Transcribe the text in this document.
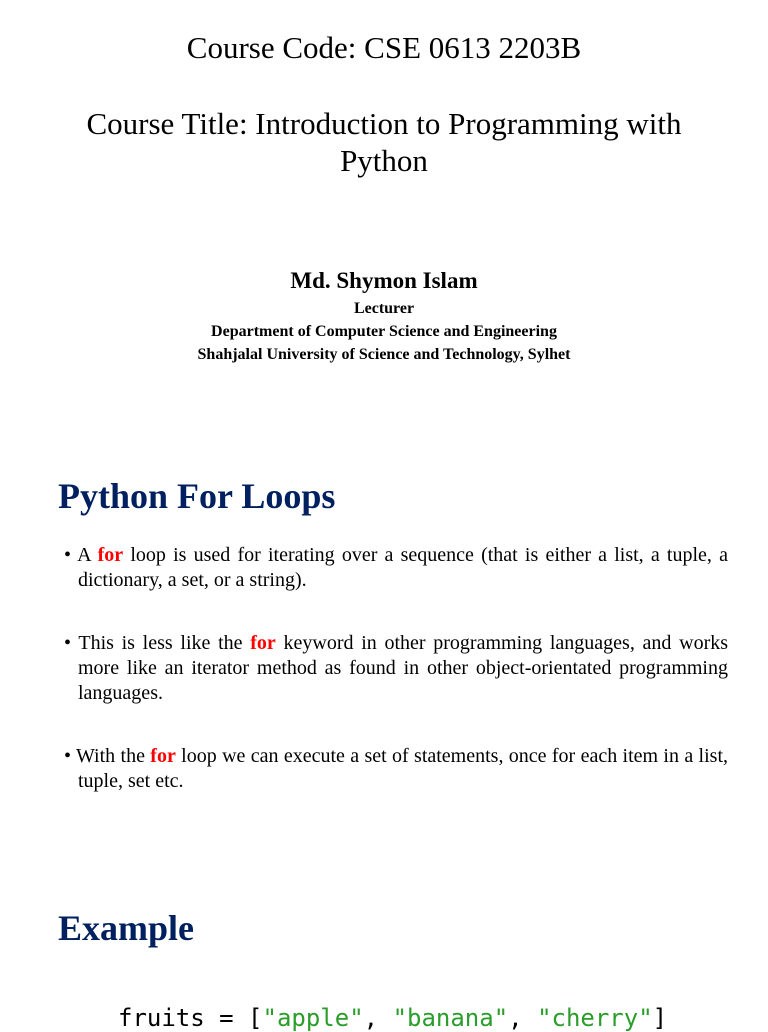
Course Code: CSE 0613 2203B
Course Title: Introduction to Programming with Python
Md. Shymon Islam
Lecturer
Department of Computer Science and Engineering
Shahjalal University of Science and Technology, Sylhet
Python For Loops
• A for loop is used for iterating over a sequence (that is either a list, a tuple, a dictionary, a set, or a string).
• This is less like the for keyword in other programming languages, and works more like an iterator method as found in other object-orientated programming languages.
• With the for loop we can execute a set of statements, once for each item in a list, tuple, set etc.
Example
fruits = ["apple", "banana", "cherry"]
